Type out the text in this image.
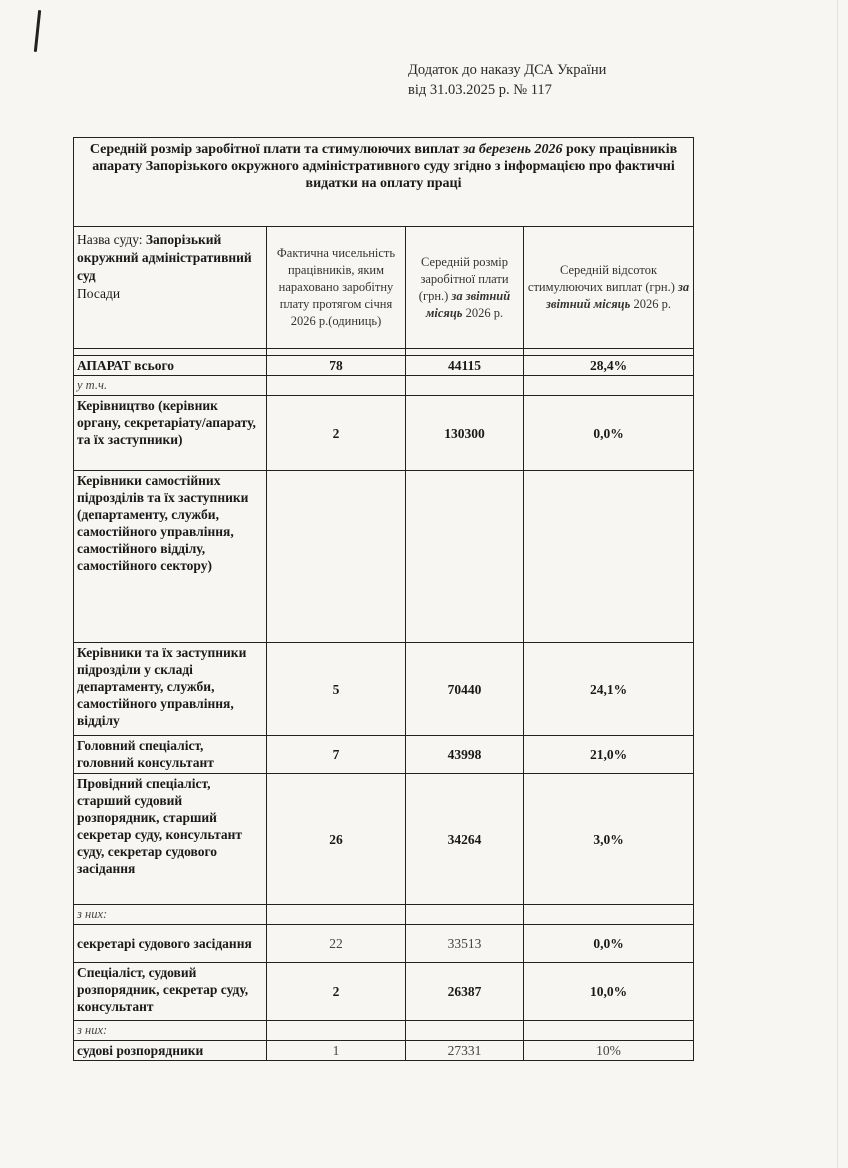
Додаток до наказу ДСА України
від 31.03.2025 р. № 117
Середній розмір заробітної плати та стимулюючих виплат за березень 2026 року працівників апарату Запорізького окружного адміністративного суду згідно з інформацією про фактичні видатки на оплату праці			
Назва суду: Запорізький окружний адміністративний суд
Посади	Фактична чисельність працівників, яким нараховано заробітну плату протягом січня 2026 р.(одиниць)	Середній розмір заробітної плати (грн.) за звітний місяць 2026 р.	Середній відсоток стимулюючих виплат (грн.) за звітний місяць 2026 р.

АПАРАТ всього	78	44115	28,4%
у т.ч.			
Керівництво (керівник органу, секретаріату/апарату, та їх заступники)	2	130300	0,0%
Керівники самостійних підрозділів та їх заступники (департаменту, служби, самостійного управління, самостійного відділу, самостійного сектору)			
Керівники та їх заступники підрозділи у складі департаменту, служби, самостійного управління, відділу	5	70440	24,1%
Головний спеціаліст, головний консультант	7	43998	21,0%
Провідний спеціаліст, старший судовий розпорядник, старший секретар суду, консультант суду, секретар судового засідання	26	34264	3,0%
з них:			
секретарі судового засідання	22	33513	0,0%
Спеціаліст, судовий розпорядник, секретар суду, консультант	2	26387	10,0%
з них:			
судові розпорядники	1	27331	10%
